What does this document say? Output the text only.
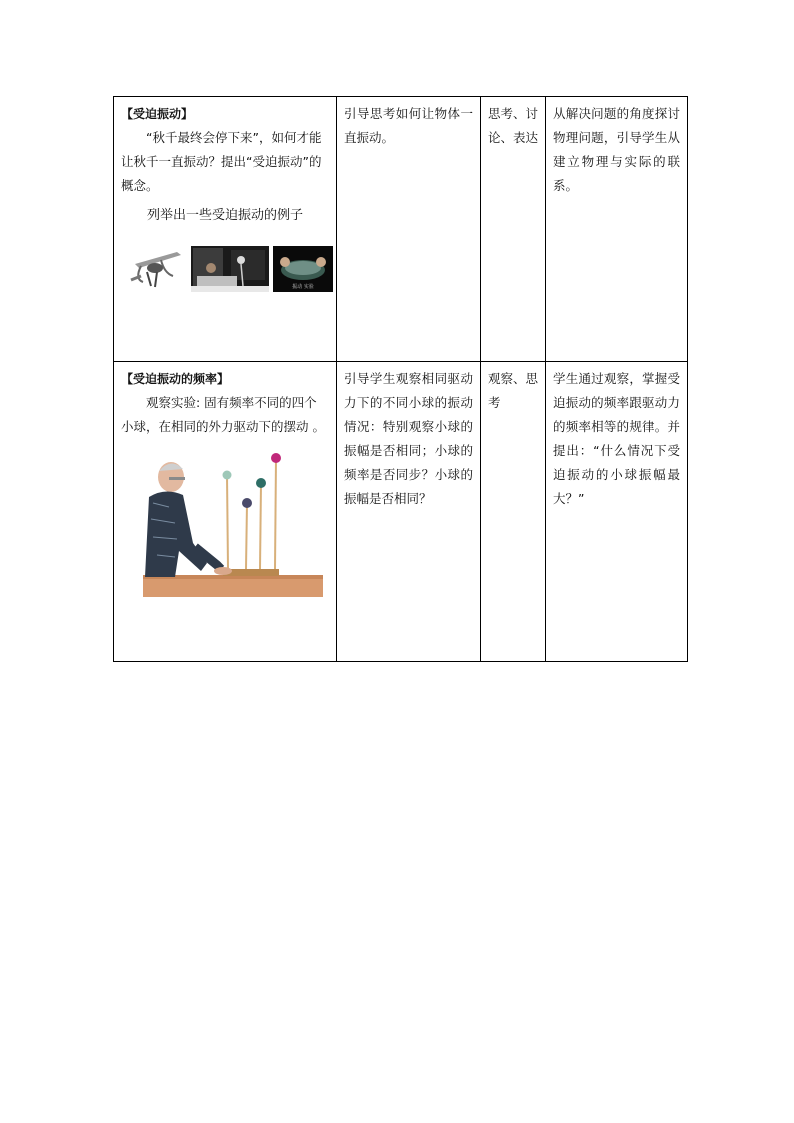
【受迫振动】

“秋千最终会停下来”，如何才能让秋千一直振动？提出“受迫振动”的概念。

列举出一些受迫振动的例子

振动 实验	引导思考如何让物体一直振动。	思考、讨论、表达	从解决问题的角度探讨物理问题，引导学生从建立物理与实际的联系。

【受迫振动的频率】

观察实验: 固有频率不同的四个小球，在相同的外力驱动下的摆动 。	引导学生观察相同驱动力下的不同小球的振动情况：特别观察小球的振幅是否相同；小球的频率是否同步？小球的振幅是否相同？	观察、思考	学生通过观察，掌握受迫振动的频率跟驱动力的频率相等的规律。并提出：“什么情况下受迫振动的小球振幅最大？”
